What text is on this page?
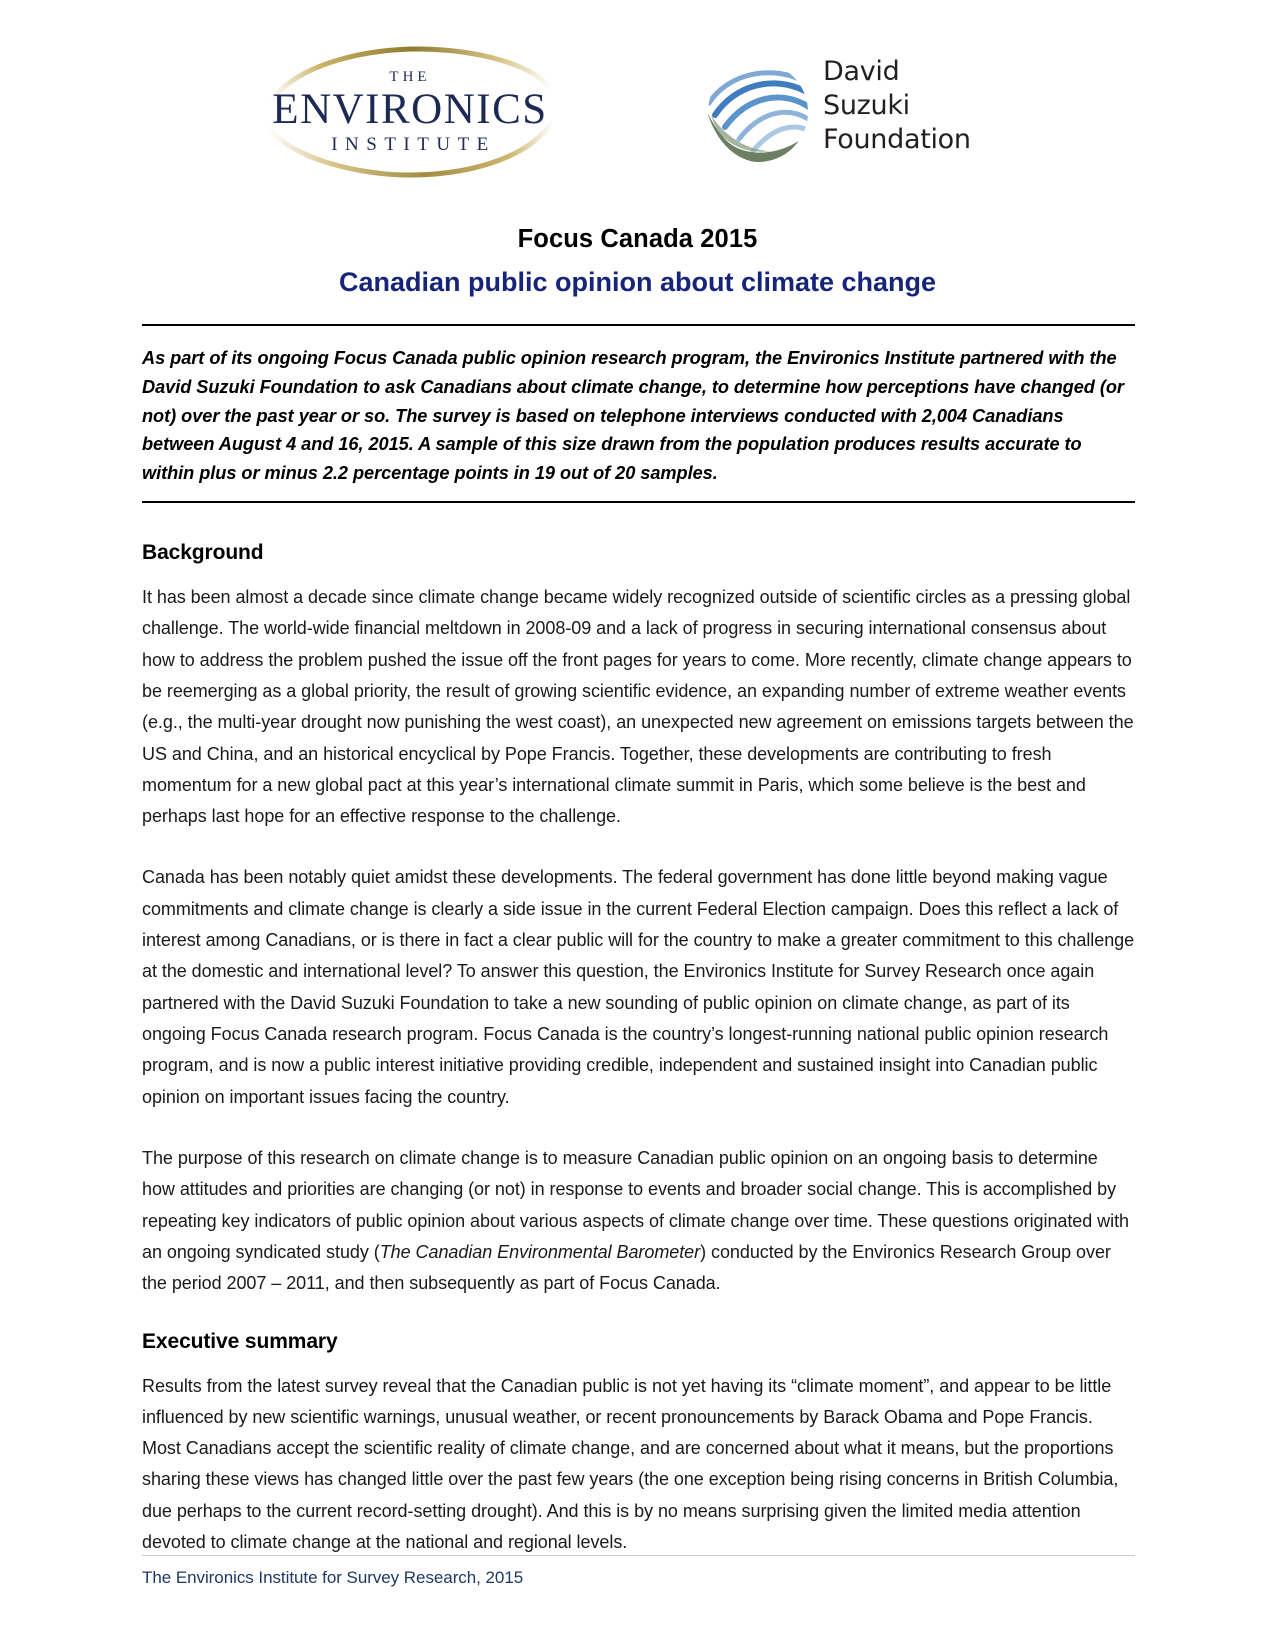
THE
ENVIRONICS
INSTITUTE
David
Suzuki
Foundation
Focus Canada 2015
Canadian public opinion about climate change

As part of its ongoing Focus Canada public opinion research program, the Environics Institute partnered with the David Suzuki Foundation to ask Canadians about climate change, to determine how perceptions have changed (or not) over the past year or so. The survey is based on telephone interviews conducted with 2,004 Canadians between August 4 and 16, 2015. A sample of this size drawn from the population produces results accurate to within plus or minus 2.2 percentage points in 19 out of 20 samples.

Background

It has been almost a decade since climate change became widely recognized outside of scientific circles as a pressing global challenge. The world-wide financial meltdown in 2008-09 and a lack of progress in securing international consensus about how to address the problem pushed the issue off the front pages for years to come. More recently, climate change appears to be reemerging as a global priority, the result of growing scientific evidence, an expanding number of extreme weather events (e.g., the multi-year drought now punishing the west coast), an unexpected new agreement on emissions targets between the US and China, and an historical encyclical by Pope Francis. Together, these developments are contributing to fresh momentum for a new global pact at this year’s international climate summit in Paris, which some believe is the best and perhaps last hope for an effective response to the challenge.

Canada has been notably quiet amidst these developments. The federal government has done little beyond making vague commitments and climate change is clearly a side issue in the current Federal Election campaign. Does this reflect a lack of interest among Canadians, or is there in fact a clear public will for the country to make a greater commitment to this challenge at the domestic and international level? To answer this question, the Environics Institute for Survey Research once again partnered with the David Suzuki Foundation to take a new sounding of public opinion on climate change, as part of its ongoing Focus Canada research program. Focus Canada is the country’s longest-running national public opinion research program, and is now a public interest initiative providing credible, independent and sustained insight into Canadian public opinion on important issues facing the country.

The purpose of this research on climate change is to measure Canadian public opinion on an ongoing basis to determine how attitudes and priorities are changing (or not) in response to events and broader social change. This is accomplished by repeating key indicators of public opinion about various aspects of climate change over time. These questions originated with an ongoing syndicated study (The Canadian Environmental Barometer) conducted by the Environics Research Group over the period 2007 – 2011, and then subsequently as part of Focus Canada.

Executive summary

Results from the latest survey reveal that the Canadian public is not yet having its “climate moment”, and appear to be little influenced by new scientific warnings, unusual weather, or recent pronouncements by Barack Obama and Pope Francis. Most Canadians accept the scientific reality of climate change, and are concerned about what it means, but the proportions sharing these views has changed little over the past few years (the one exception being rising concerns in British Columbia, due perhaps to the current record-setting drought). And this is by no means surprising given the limited media attention devoted to climate change at the national and regional levels.

The Environics Institute for Survey Research, 2015
